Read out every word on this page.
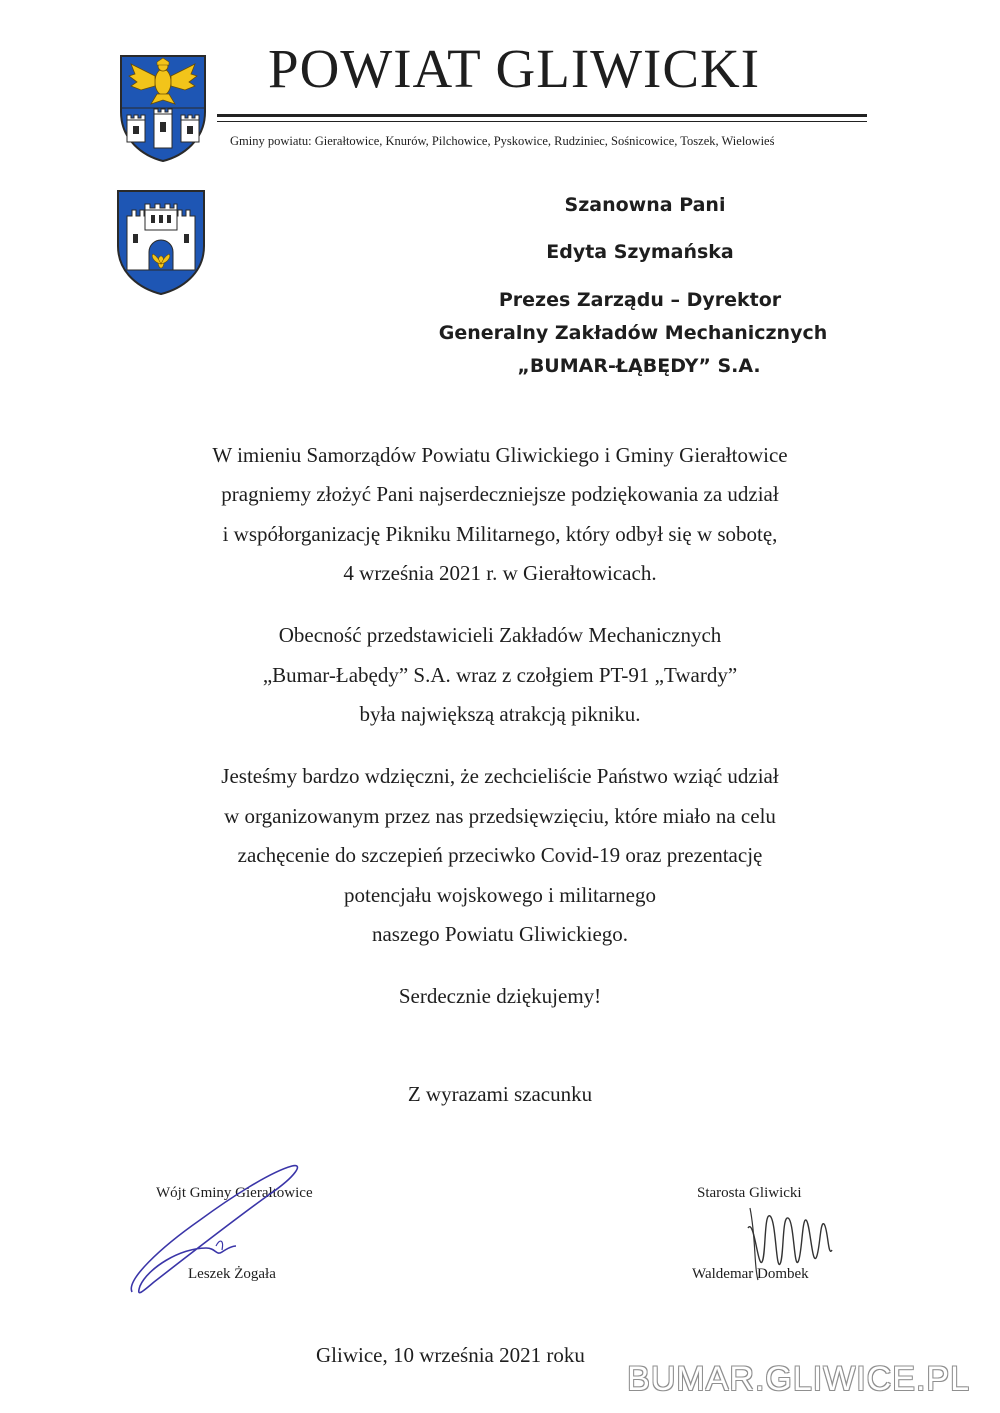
POWIAT GLIWICKI
Gminy powiatu: Gierałtowice, Knurów, Pilchowice, Pyskowice, Rudziniec, Sośnicowice, Toszek, Wielowieś
Szanowna Pani
Edyta Szymańska
Prezes Zarządu – Dyrektor
Generalny Zakładów Mechanicznych
„BUMAR-ŁĄBĘDY” S.A.
W imieniu Samorządów Powiatu Gliwickiego i Gminy Gierałtowice
pragniemy złożyć Pani najserdeczniejsze podziękowania za udział
i współorganizację Pikniku Militarnego, który odbył się w sobotę,
4 września 2021 r. w Gierałtowicach.
Obecność przedstawicieli Zakładów Mechanicznych
„Bumar-Łabędy” S.A. wraz z czołgiem PT-91 „Twardy”
była największą atrakcją pikniku.
Jesteśmy bardzo wdzięczni, że zechcieliście Państwo wziąć udział
w organizowanym przez nas przedsięwzięciu, które miało na celu
zachęcenie do szczepień przeciwko Covid-19 oraz prezentację
potencjału wojskowego i militarnego
naszego Powiatu Gliwickiego.
Serdecznie dziękujemy!
Z wyrazami szacunku
Wójt Gminy Gierałtowice
Leszek Żogała
Starosta Gliwicki
Waldemar Dombek
Gliwice, 10 września 2021 roku
BUMAR.GLIWICE.PL
